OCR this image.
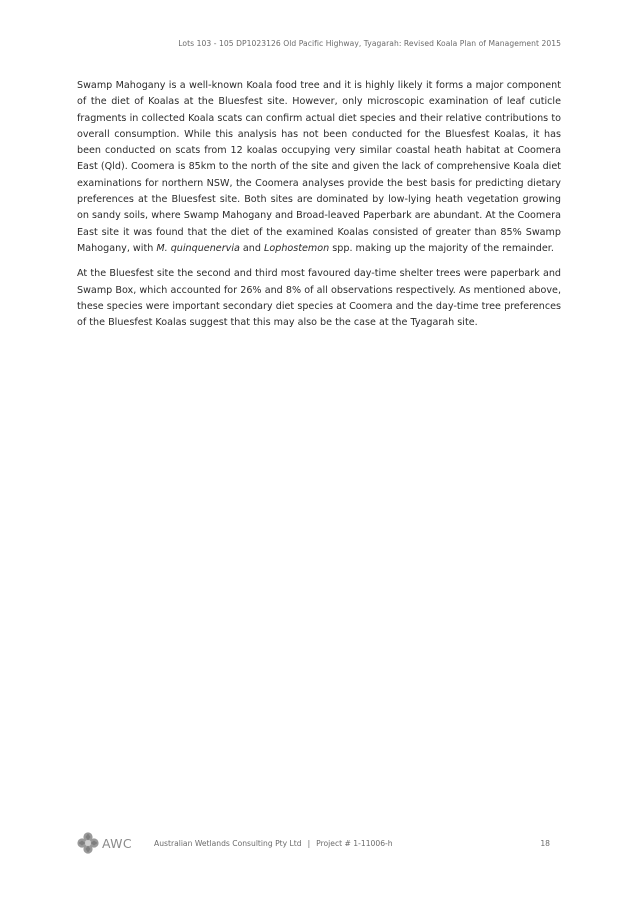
Lots 103 - 105 DP1023126 Old Pacific Highway, Tyagarah: Revised Koala Plan of Management 2015

Swamp Mahogany is a well-known Koala food tree and it is highly likely it forms a major component of the diet of Koalas at the Bluesfest site. However, only microscopic examination of leaf cuticle fragments in collected Koala scats can confirm actual diet species and their relative contributions to overall consumption. While this analysis has not been conducted for the Bluesfest Koalas, it has been conducted on scats from 12 koalas occupying very similar coastal heath habitat at Coomera East (Qld). Coomera is 85km to the north of the site and given the lack of comprehensive Koala diet examinations for northern NSW, the Coomera analyses provide the best basis for predicting dietary preferences at the Bluesfest site. Both sites are dominated by low-lying heath vegetation growing on sandy soils, where Swamp Mahogany and Broad-leaved Paperbark are abundant. At the Coomera East site it was found that the diet of the examined Koalas consisted of greater than 85% Swamp Mahogany, with M. quinquenervia and Lophostemon spp. making up the majority of the remainder.

At the Bluesfest site the second and third most favoured day-time shelter trees were paperbark and Swamp Box, which accounted for 26% and 8% of all observations respectively. As mentioned above, these species were important secondary diet species at Coomera and the day-time tree preferences of the Bluesfest Koalas suggest that this may also be the case at the Tyagarah site.

AWC	Australian Wetlands Consulting Pty Ltd | Project # 1-11006-h	18
